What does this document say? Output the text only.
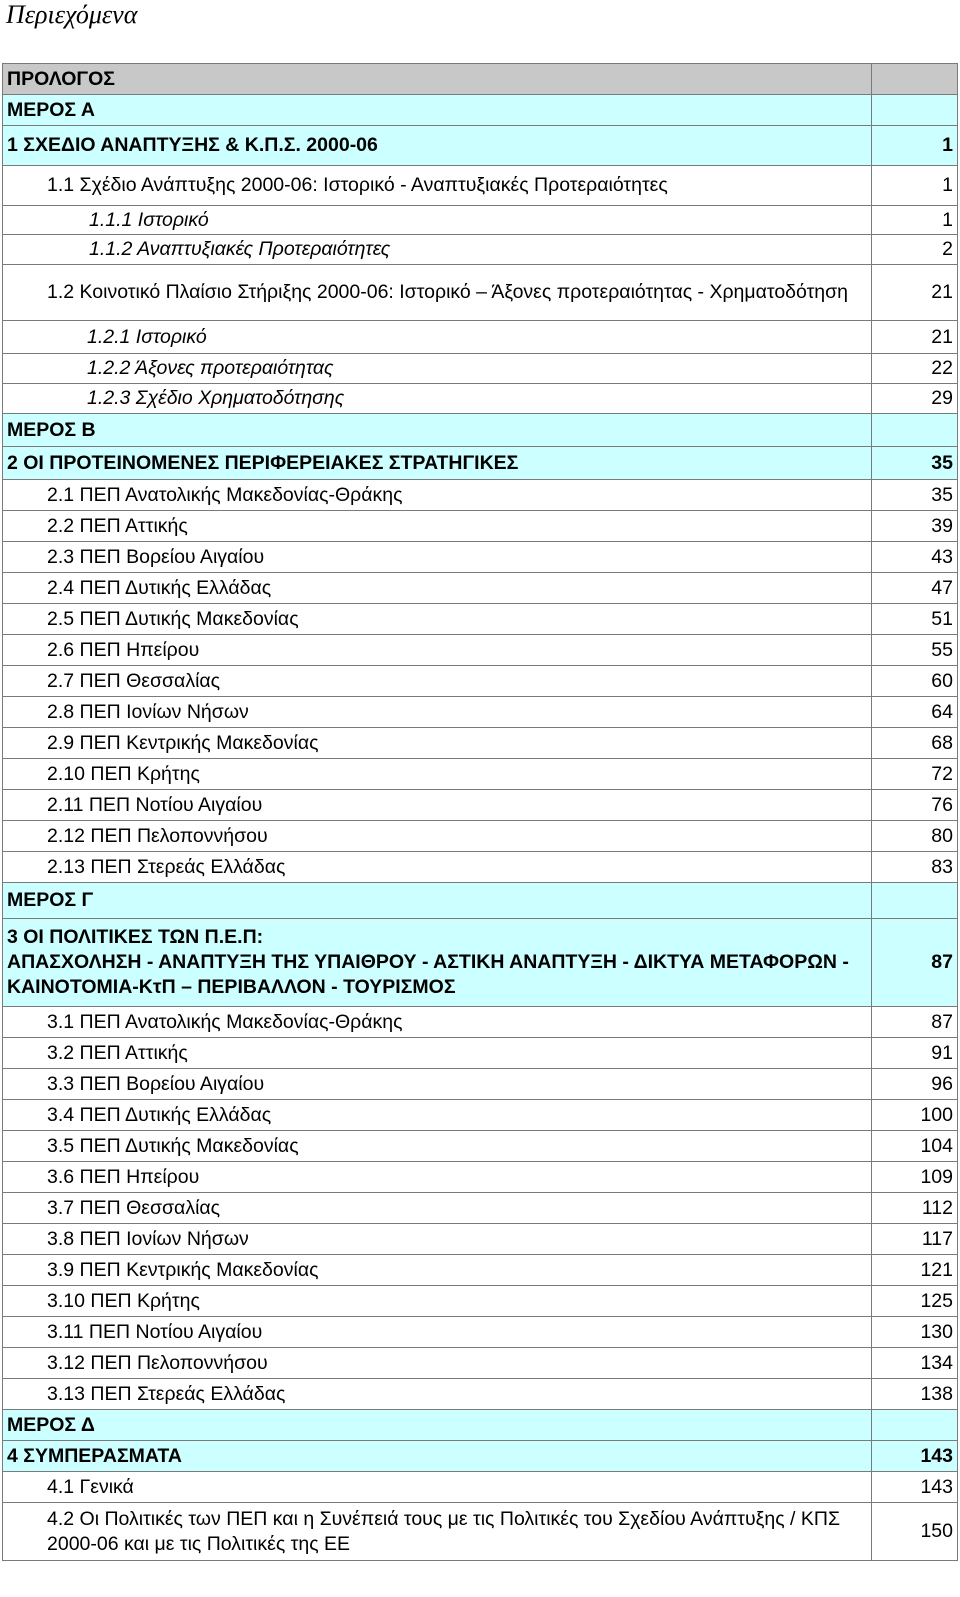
Περιεχόμενα
ΠΡΟΛΟΓΟΣ	
ΜΕΡΟΣ Α	
1 ΣΧΕΔΙΟ ΑΝΑΠΤΥΞΗΣ & Κ.Π.Σ. 2000-06	1
1.1 Σχέδιο Ανάπτυξης 2000-06: Ιστορικό - Αναπτυξιακές Προτεραιότητες	1
1.1.1 Ιστορικό	1
1.1.2 Αναπτυξιακές Προτεραιότητες	2
1.2 Κοινοτικό Πλαίσιο Στήριξης 2000-06: Ιστορικό – Άξονες προτεραιότητας - Χρηματοδότηση	21
1.2.1 Ιστορικό	21
1.2.2 Άξονες προτεραιότητας	22
1.2.3 Σχέδιο Χρηματοδότησης	29
ΜΕΡΟΣ Β	
2 ΟΙ ΠΡΟΤΕΙΝΟΜΕΝΕΣ ΠΕΡΙΦΕΡΕΙΑΚΕΣ ΣΤΡΑΤΗΓΙΚΕΣ	35
2.1 ΠΕΠ Ανατολικής Μακεδονίας-Θράκης	35
2.2 ΠΕΠ Αττικής	39
2.3 ΠΕΠ Βορείου Αιγαίου	43
2.4 ΠΕΠ Δυτικής Ελλάδας	47
2.5 ΠΕΠ Δυτικής Μακεδονίας	51
2.6 ΠΕΠ Ηπείρου	55
2.7 ΠΕΠ Θεσσαλίας	60
2.8 ΠΕΠ Ιονίων Νήσων	64
2.9 ΠΕΠ Κεντρικής Μακεδονίας	68
2.10 ΠΕΠ Κρήτης	72
2.11 ΠΕΠ Νοτίου Αιγαίου	76
2.12 ΠΕΠ Πελοποννήσου	80
2.13 ΠΕΠ Στερεάς Ελλάδας	83
ΜΕΡΟΣ Γ	
3 ΟΙ ΠΟΛΙΤΙΚΕΣ ΤΩΝ Π.Ε.Π:
ΑΠΑΣΧΟΛΗΣΗ - ΑΝΑΠΤΥΞΗ ΤΗΣ ΥΠΑΙΘΡΟΥ - ΑΣΤΙΚΗ ΑΝΑΠΤΥΞΗ - ΔΙΚΤΥΑ ΜΕΤΑΦΟΡΩΝ - ΚΑΙΝΟΤΟΜΙΑ-ΚτΠ – ΠΕΡΙΒΑΛΛΟΝ - ΤΟΥΡΙΣΜΟΣ	87
3.1 ΠΕΠ Ανατολικής Μακεδονίας-Θράκης	87
3.2 ΠΕΠ Αττικής	91
3.3 ΠΕΠ Βορείου Αιγαίου	96
3.4 ΠΕΠ Δυτικής Ελλάδας	100
3.5 ΠΕΠ Δυτικής Μακεδονίας	104
3.6 ΠΕΠ Ηπείρου	109
3.7 ΠΕΠ Θεσσαλίας	112
3.8 ΠΕΠ Ιονίων Νήσων	117
3.9 ΠΕΠ Κεντρικής Μακεδονίας	121
3.10 ΠΕΠ Κρήτης	125
3.11 ΠΕΠ Νοτίου Αιγαίου	130
3.12 ΠΕΠ Πελοποννήσου	134
3.13 ΠΕΠ Στερεάς Ελλάδας	138
ΜΕΡΟΣ Δ	
4 ΣΥΜΠΕΡΑΣΜΑΤΑ	143
4.1 Γενικά	143
4.2 Οι Πολιτικές των ΠΕΠ και η Συνέπειά τους με τις Πολιτικές του Σχεδίου Ανάπτυξης / ΚΠΣ 2000-06 και με τις Πολιτικές της ΕΕ	150
